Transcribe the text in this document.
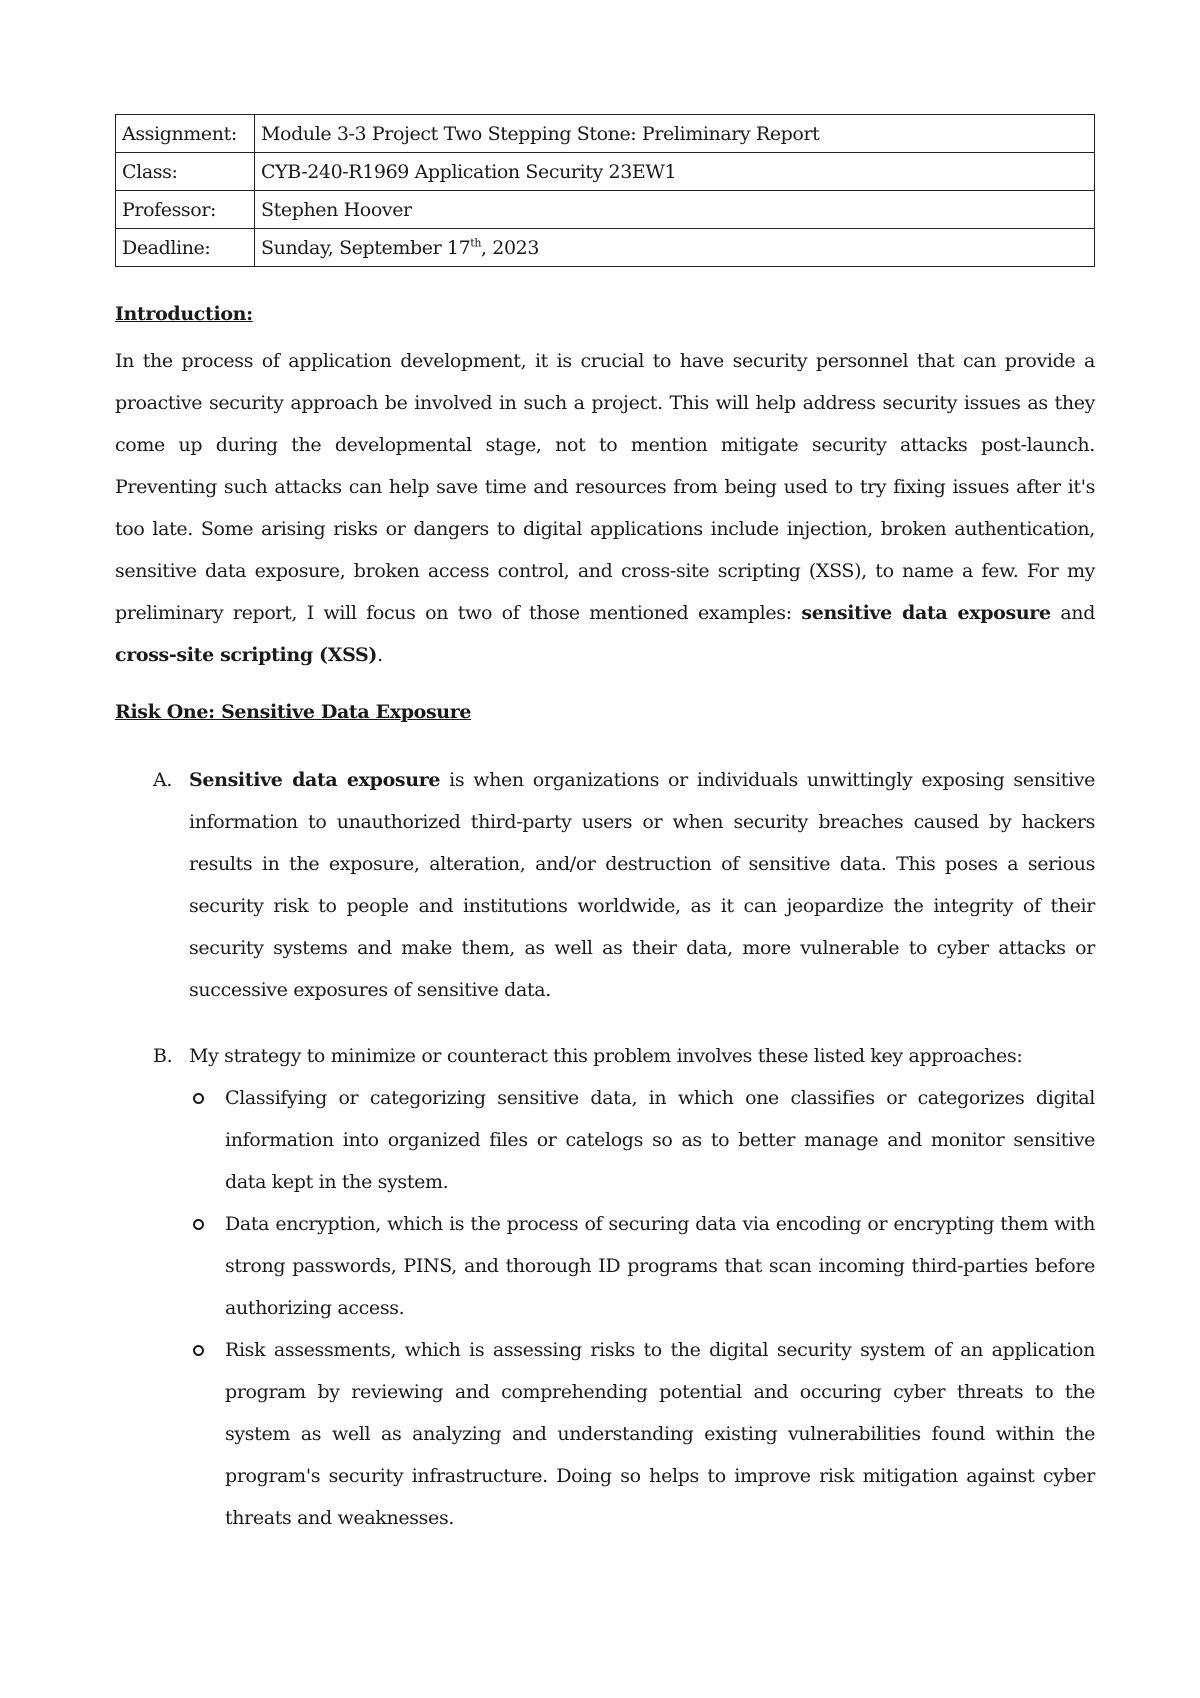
Assignment:	Module 3-3 Project Two Stepping Stone: Preliminary Report
Class:	CYB-240-R1969 Application Security 23EW1
Professor:	Stephen Hoover
Deadline:	Sunday, September 17th, 2023

Introduction:

In the process of application development, it is crucial to have security personnel that can provide a proactive security approach be involved in such a project. This will help address security issues as they come up during the developmental stage, not to mention mitigate security attacks post-launch. Preventing such attacks can help save time and resources from being used to try fixing issues after it's too late. Some arising risks or dangers to digital applications include injection, broken authentication, sensitive data exposure, broken access control, and cross-site scripting (XSS), to name a few. For my preliminary report, I will focus on two of those mentioned examples: sensitive data exposure and cross-site scripting (XSS).

Risk One: Sensitive Data Exposure

A. Sensitive data exposure is when organizations or individuals unwittingly exposing sensitive information to unauthorized third-party users or when security breaches caused by hackers results in the exposure, alteration, and/or destruction of sensitive data. This poses a serious security risk to people and institutions worldwide, as it can jeopardize the integrity of their security systems and make them, as well as their data, more vulnerable to cyber attacks or successive exposures of sensitive data.
B. My strategy to minimize or counteract this problem involves these listed key approaches:
Classifying or categorizing sensitive data, in which one classifies or categorizes digital information into organized files or catelogs so as to better manage and monitor sensitive data kept in the system.
Data encryption, which is the process of securing data via encoding or encrypting them with strong passwords, PINS, and thorough ID programs that scan incoming third-parties before authorizing access.
Risk assessments, which is assessing risks to the digital security system of an application program by reviewing and comprehending potential and occuring cyber threats to the system as well as analyzing and understanding existing vulnerabilities found within the program's security infrastructure. Doing so helps to improve risk mitigation against cyber threats and weaknesses.
